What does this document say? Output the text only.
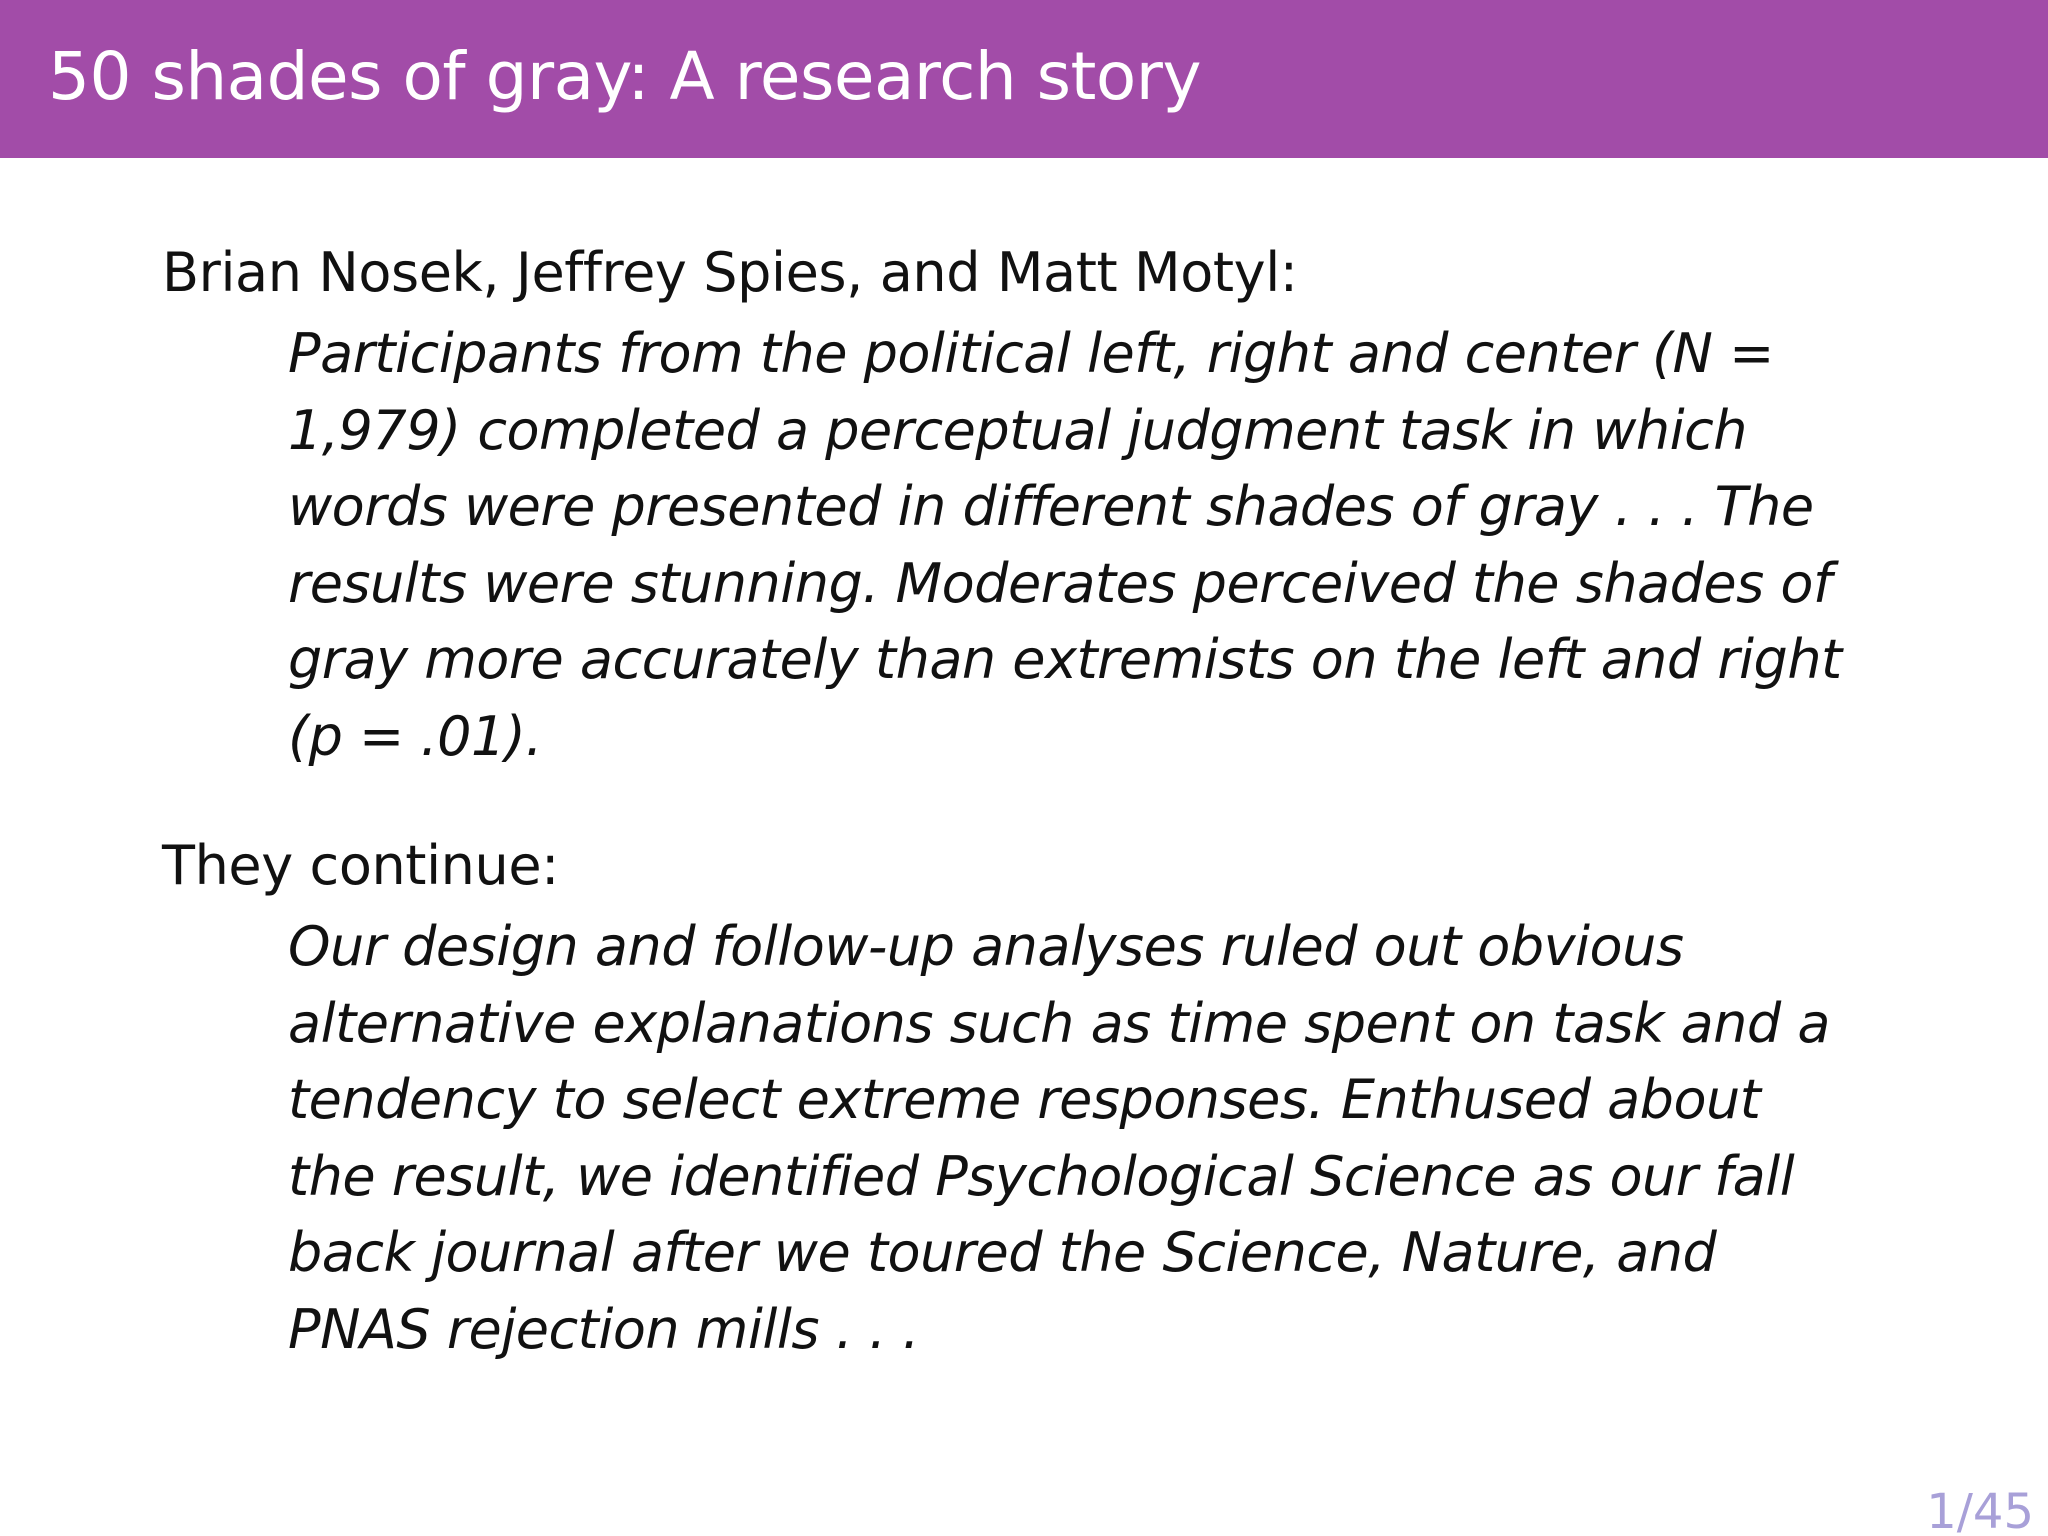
50 shades of gray: A research story

Brian Nosek, Jeffrey Spies, and Matt Motyl:

Participants from the political left, right and center (N =
1,979) completed a perceptual judgment task in which
words were presented in different shades of gray . . . The
results were stunning. Moderates perceived the shades of
gray more accurately than extremists on the left and right
(p = .01).

They continue:

Our design and follow-up analyses ruled out obvious
alternative explanations such as time spent on task and a
tendency to select extreme responses. Enthused about
the result, we identified Psychological Science as our fall
back journal after we toured the Science, Nature, and
PNAS rejection mills . . .
1/45
